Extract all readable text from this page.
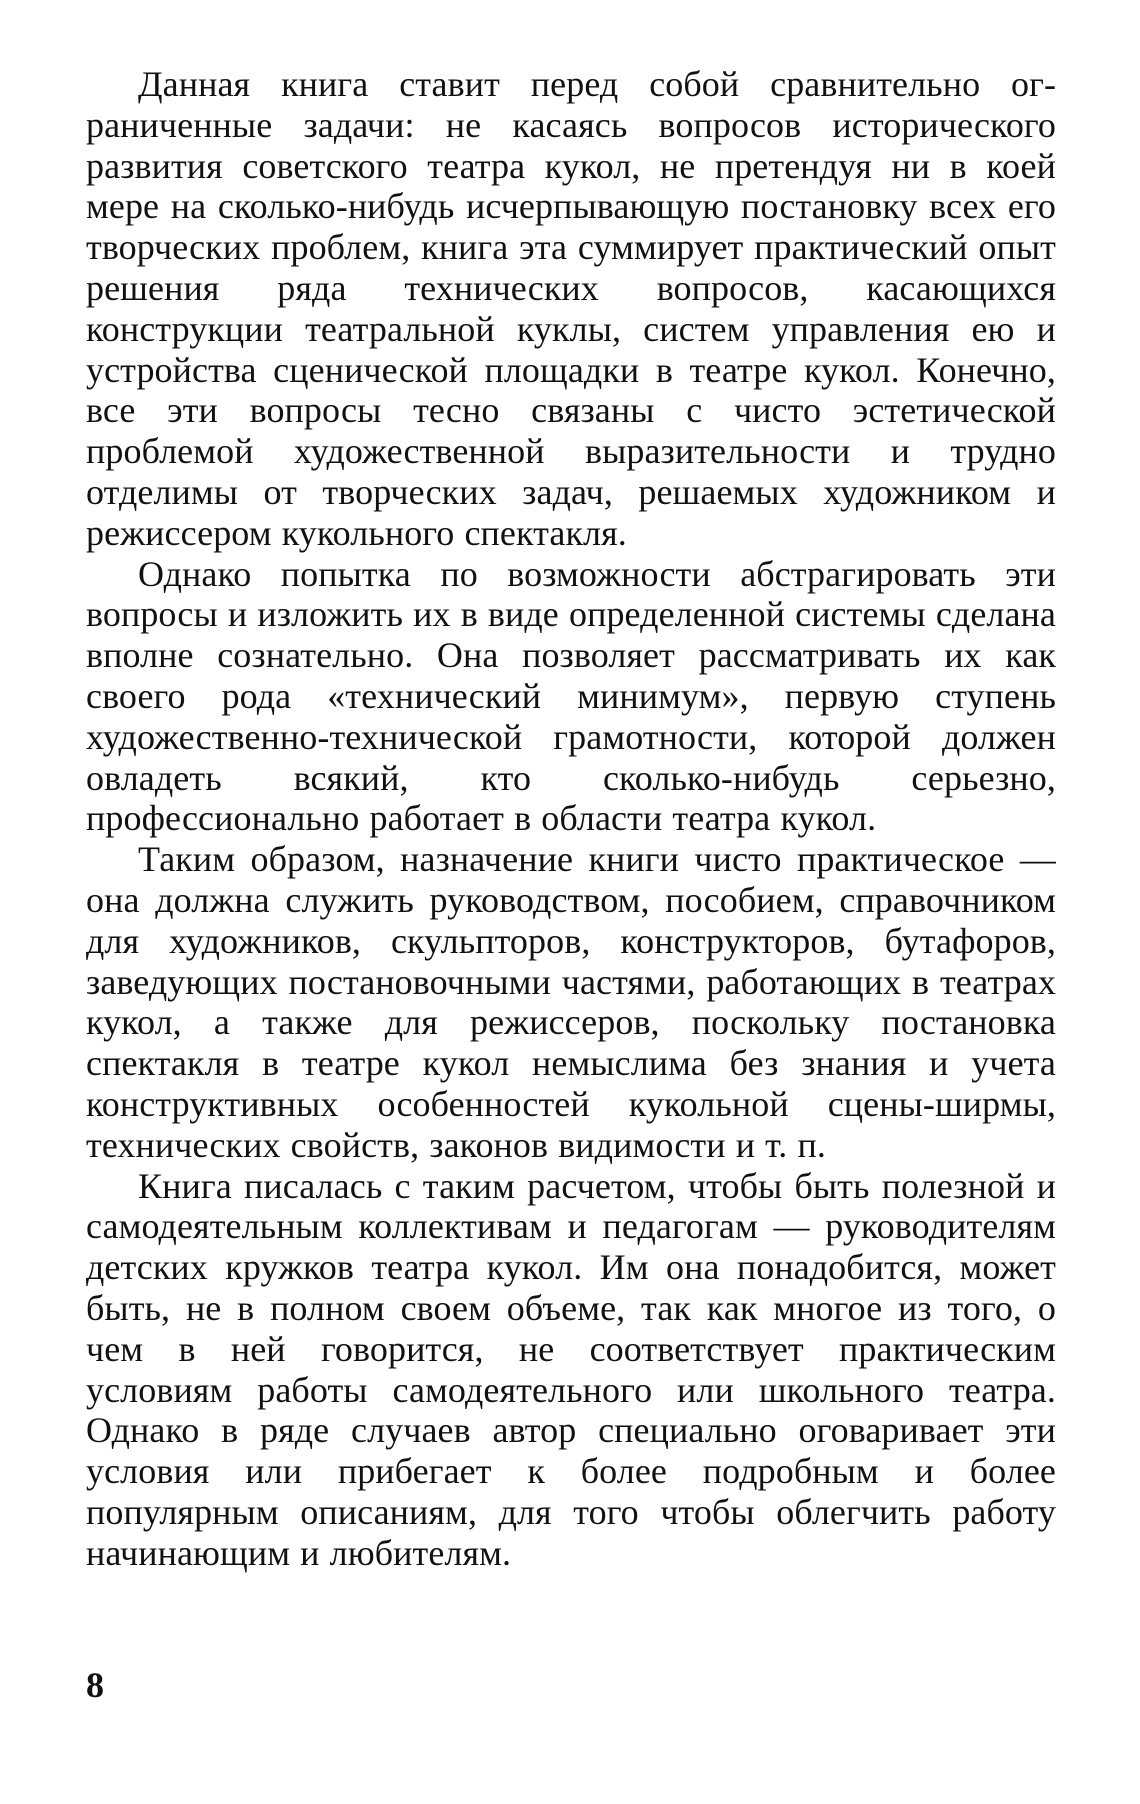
Данная книга ставит перед собой сравнительно ограниченные задачи: не касаясь вопросов исторического развития советского театра кукол, не претендуя ни в коей мере на сколько-нибудь исчерпывающую постановку всех его творческих проблем, книга эта суммирует практический опыт решения ряда технических вопросов, касающихся конструкции театральной куклы, систем управления ею и устройства сценической площадки в театре кукол. Конечно, все эти вопросы тесно связаны с чисто эстетической проблемой художественной выразительности и трудно отделимы от творческих задач, решаемых художником и режиссером кукольного спектакля.

Однако попытка по возможности абстрагировать эти вопросы и изложить их в виде определенной системы сделана вполне сознательно. Она позволяет рассматривать их как своего рода «технический минимум», первую ступень художественно-технической грамотности, которой должен овладеть всякий, кто сколько-нибудь серьезно, профессионально работает в области театра кукол.

Таким образом, назначение книги чисто практическое — она должна служить руководством, пособием, справочником для художников, скульпторов, конструкторов, бутафоров, заведующих постановочными частями, работающих в театрах кукол, а также для режиссеров, поскольку постановка спектакля в театре кукол немыслима без знания и учета конструктивных особенностей кукольной сцены-ширмы, технических свойств, законов видимости и т. п.

Книга писалась с таким расчетом, чтобы быть полезной и самодеятельным коллективам и педагогам — руководителям детских кружков театра кукол. Им она понадобится, может быть, не в полном своем объеме, так как многое из того, о чем в ней говорится, не соответствует практическим условиям работы самодеятельного или школьного театра. Однако в ряде случаев автор специально оговаривает эти условия или прибегает к более подробным и более популярным описаниям, для того чтобы облегчить работу начинающим и любителям.

8
